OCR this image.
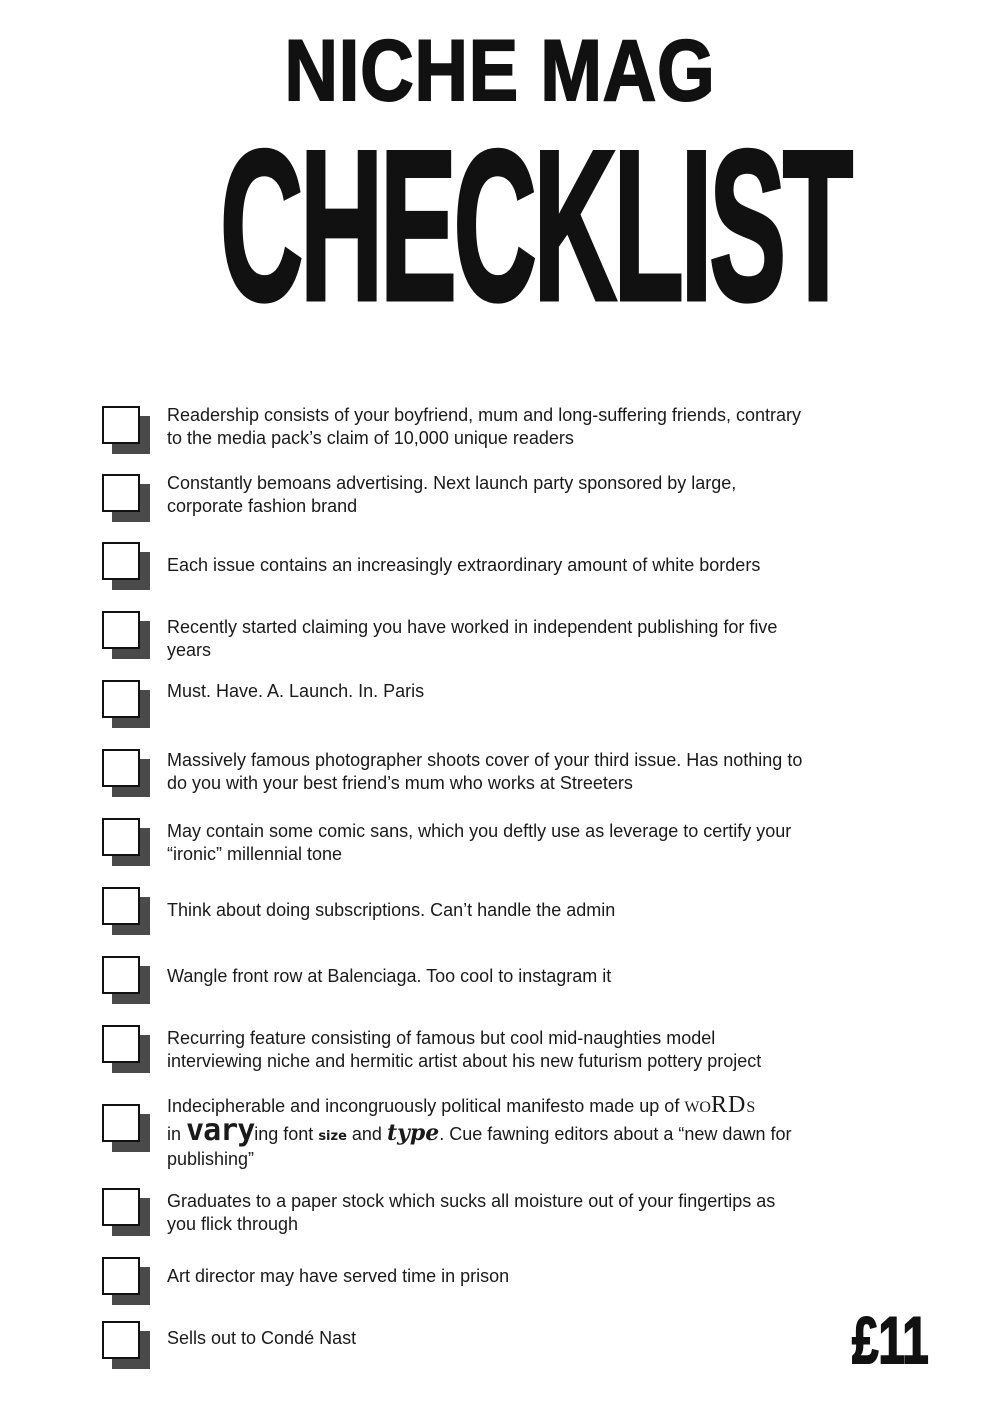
NICHE MAG
CHECKLIST
Readership consists of your boyfriend, mum and long-suffering friends, contrary to the media pack’s claim of 10,000 unique readers
Constantly bemoans advertising. Next launch party sponsored by large, corporate fashion brand
Each issue contains an increasingly extraordinary amount of white borders
Recently started claiming you have worked in independent publishing for five years
Must. Have. A. Launch. In. Paris
Massively famous photographer shoots cover of your third issue. Has nothing to do you with your best friend’s mum who works at Streeters
May contain some comic sans, which you deftly use as leverage to certify your “ironic” millennial tone
Think about doing subscriptions. Can’t handle the admin
Wangle front row at Balenciaga. Too cool to instagram it
Recurring feature consisting of famous but cool mid-naughties model interviewing niche and hermitic artist about his new futurism pottery project
Indecipherable and incongruously political manifesto made up of WORDS
in varying font size and type. Cue fawning editors about a “new dawn for publishing”
Graduates to a paper stock which sucks all moisture out of your fingertips as you flick through
Art director may have served time in prison
Sells out to Condé Nast	£11
